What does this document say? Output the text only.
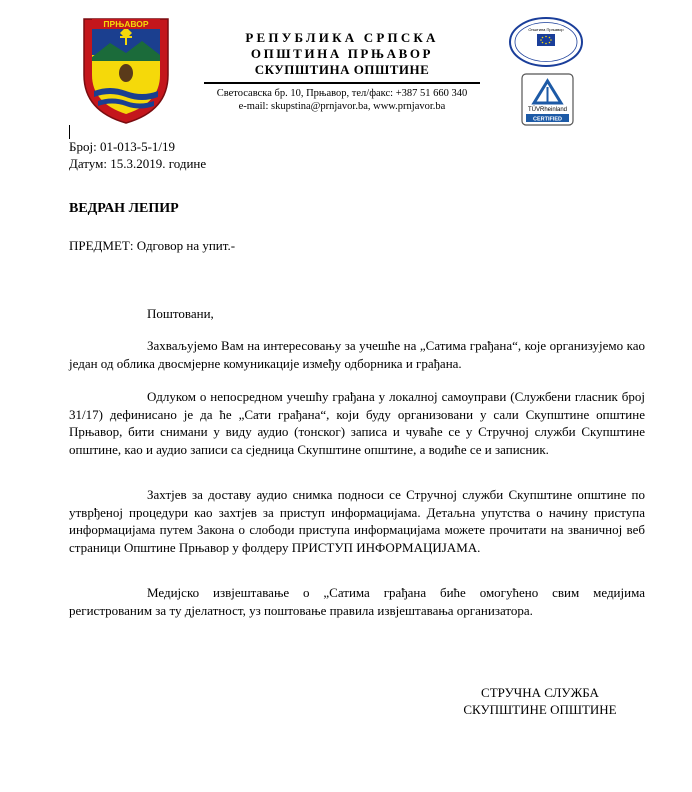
ПРЊАВОР
РЕПУБЛИКА СРПСКА
ОПШТИНА ПРЊАВОР
СКУПШТИНА ОПШТИНЕ
Светосавска бр. 10, Прњавор, тел/факс: +387 51 660 340
e-mail: skupstina@prnjavor.ba, www.prnjavor.ba
Општина Прњавор
TÜVRheinland
CERTIFIED
Број: 01-013-5-1/19
Датум: 15.3.2019. године
ВЕДРАН ЛЕПИР
ПРЕДМЕТ: Одговор на упит.-
Поштовани,

Захваљујемо Вам на интересовању за учешће на „Сатима грађана“, које организујемо као један од облика двосмјерне комуникације између одборника и грађана.

Одлуком о непосредном учешћу грађана у локалној самоуправи (Службени гласник број 31/17) дефинисано је да ће „Сати грађана“, који буду организовани у сали Скупштине општине Прњавор, бити снимани у виду аудио (тонског) записа и чуваће се у Стручној служби Скупштине општине, као и аудио записи са сједница Скупштине општине, а водиће се и записник.

Захтјев за доставу аудио снимка подноси се Стручној служби Скупштине општине по утврђеној процедури као захтјев за приступ информацијама. Детаљна упутства о начину приступа информацијама путем Закона о слободи приступа информацијама можете прочитати на званичној веб страници Општине Прњавор у фолдеру ПРИСТУП ИНФОРМАЦИЈАМА.

Медијско извјештавање о „Сатима грађана биће омогућено свим медијима регистрованим за ту дјелатност, уз поштовање правила извјештавања организатора.

СТРУЧНА СЛУЖБА
СКУПШТИНЕ ОПШТИНЕ
